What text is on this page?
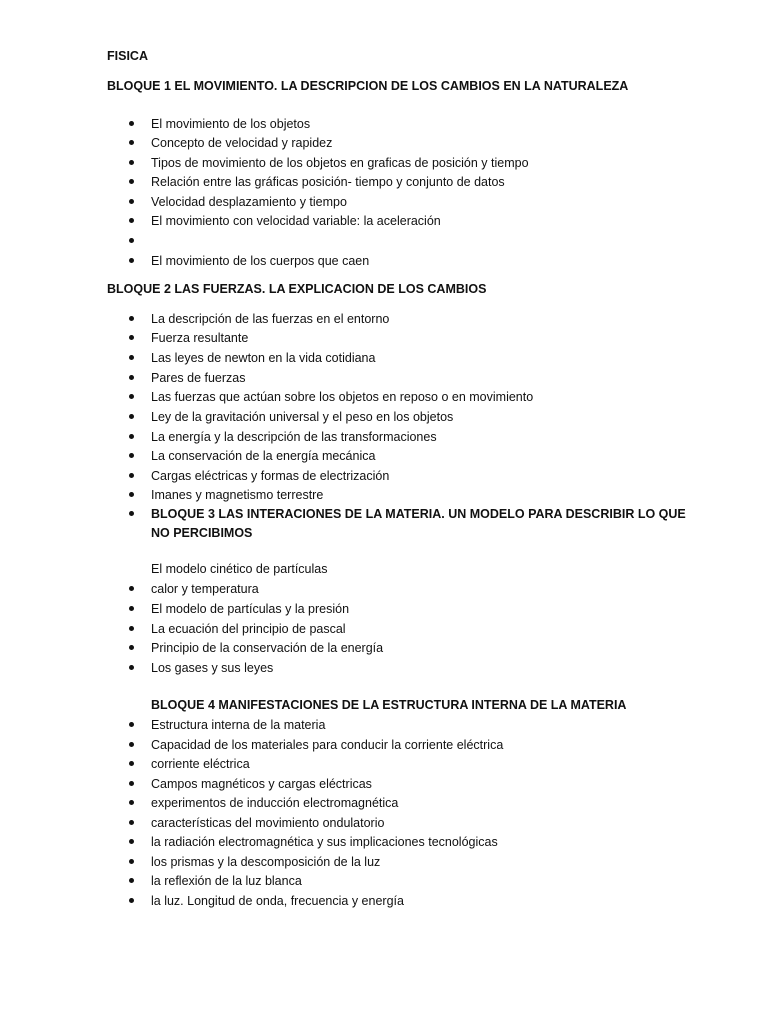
FISICA
BLOQUE 1 EL MOVIMIENTO. LA DESCRIPCION DE LOS CAMBIOS EN LA NATURALEZA
El movimiento de los objetos
Concepto de velocidad y rapidez
Tipos de movimiento de los objetos en graficas de posición y tiempo
Relación entre las gráficas posición- tiempo y conjunto de datos
Velocidad desplazamiento y tiempo
El movimiento con velocidad variable: la aceleración
El movimiento de los cuerpos que caen
BLOQUE 2 LAS FUERZAS. LA EXPLICACION DE LOS CAMBIOS
La descripción de las fuerzas en el entorno
Fuerza resultante
Las leyes de newton en la vida cotidiana
Pares de fuerzas
Las fuerzas que actúan sobre los objetos en reposo o en movimiento
Ley de la gravitación universal y el peso en los objetos
La energía y la descripción de las transformaciones
La conservación de la energía mecánica
Cargas eléctricas y formas de electrización
Imanes y magnetismo terrestre
BLOQUE 3 LAS INTERACIONES DE LA MATERIA. UN MODELO PARA DESCRIBIR LO QUE
NO PERCIBIMOS
El modelo cinético de partículas
calor y temperatura
El modelo de partículas y la presión
La ecuación del principio de pascal
Principio de la conservación de la energía
Los gases y sus leyes
BLOQUE 4 MANIFESTACIONES DE LA ESTRUCTURA INTERNA DE LA MATERIA
Estructura interna de la materia
Capacidad de los materiales para conducir la corriente eléctrica
corriente eléctrica
Campos magnéticos y cargas eléctricas
experimentos de inducción electromagnética
características del movimiento ondulatorio
la radiación electromagnética y sus implicaciones tecnológicas
los prismas y la descomposición de la luz
la reflexión de la luz blanca
la luz. Longitud de onda, frecuencia y energía
